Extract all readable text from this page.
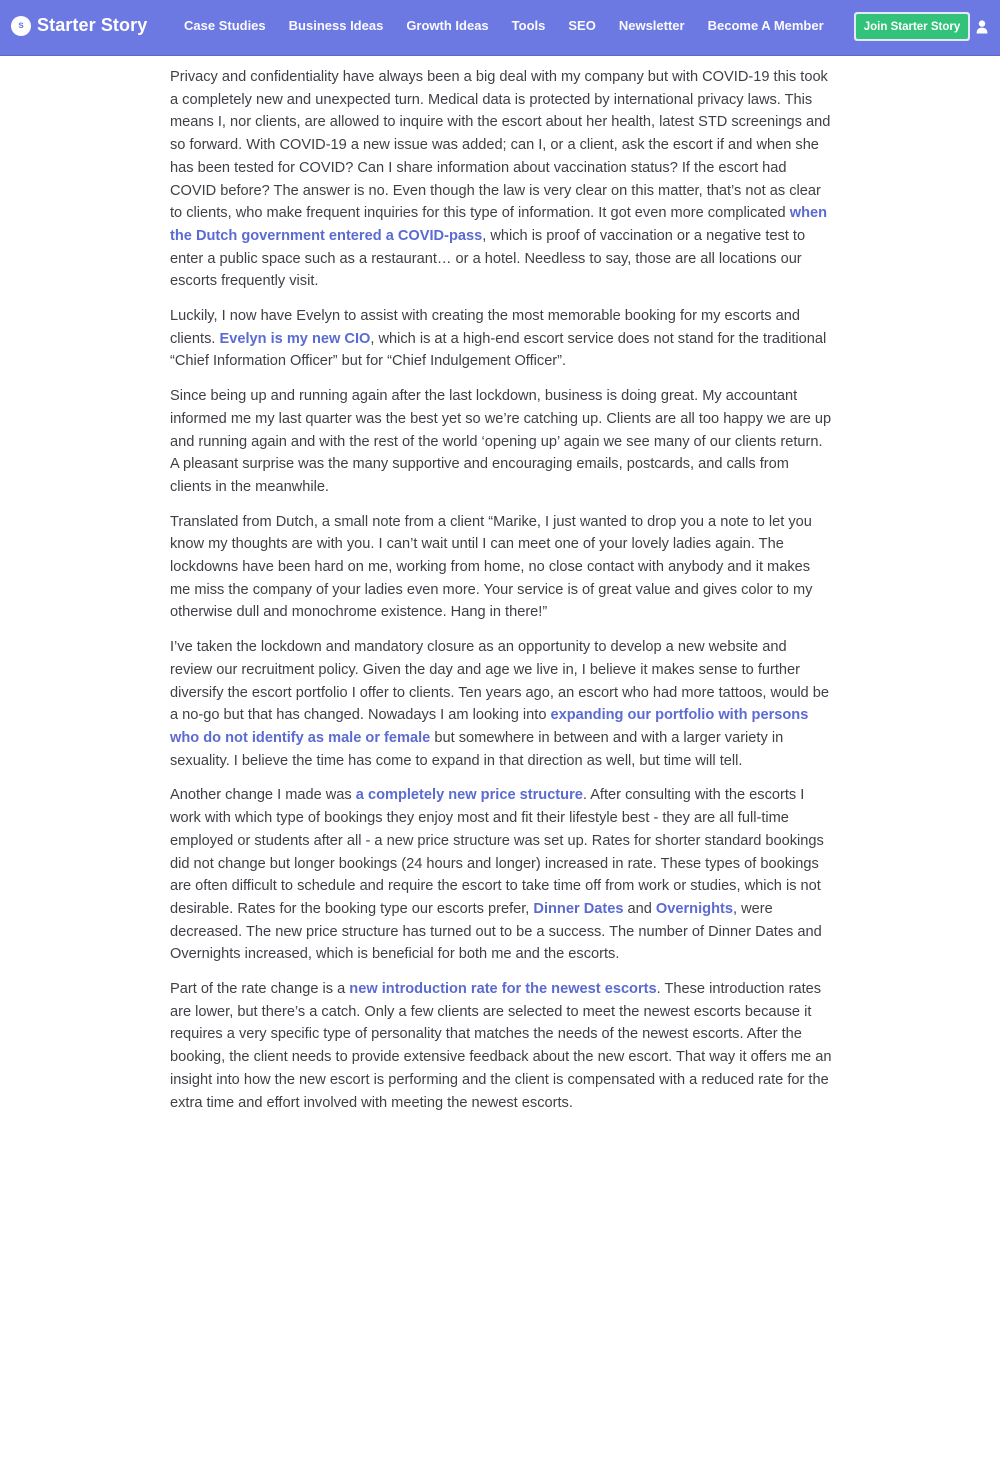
s Starter Story	Case Studies Business Ideas Growth Ideas Tools SEO Newsletter Become A Member	Join Starter Story

Privacy and confidentiality have always been a big deal with my company but with COVID-19 this took a completely new and unexpected turn. Medical data is protected by international privacy laws. This means I, nor clients, are allowed to inquire with the escort about her health, latest STD screenings and so forward. With COVID-19 a new issue was added; can I, or a client, ask the escort if and when she has been tested for COVID? Can I share information about vaccination status? If the escort had COVID before? The answer is no. Even though the law is very clear on this matter, that’s not as clear to clients, who make frequent inquiries for this type of information. It got even more complicated when the Dutch government entered a COVID-pass, which is proof of vaccination or a negative test to enter a public space such as a restaurant… or a hotel. Needless to say, those are all locations our escorts frequently visit.

Luckily, I now have Evelyn to assist with creating the most memorable booking for my escorts and clients. Evelyn is my new CIO, which is at a high-end escort service does not stand for the traditional “Chief Information Officer” but for “Chief Indulgement Officer”.

Since being up and running again after the last lockdown, business is doing great. My accountant informed me my last quarter was the best yet so we’re catching up. Clients are all too happy we are up and running again and with the rest of the world ‘opening up’ again we see many of our clients return. A pleasant surprise was the many supportive and encouraging emails, postcards, and calls from clients in the meanwhile.

Translated from Dutch, a small note from a client “Marike, I just wanted to drop you a note to let you know my thoughts are with you. I can’t wait until I can meet one of your lovely ladies again. The lockdowns have been hard on me, working from home, no close contact with anybody and it makes me miss the company of your ladies even more. Your service is of great value and gives color to my otherwise dull and monochrome existence. Hang in there!”

I’ve taken the lockdown and mandatory closure as an opportunity to develop a new website and review our recruitment policy. Given the day and age we live in, I believe it makes sense to further diversify the escort portfolio I offer to clients. Ten years ago, an escort who had more tattoos, would be a no-go but that has changed. Nowadays I am looking into expanding our portfolio with persons who do not identify as male or female but somewhere in between and with a larger variety in sexuality. I believe the time has come to expand in that direction as well, but time will tell.

Another change I made was a completely new price structure. After consulting with the escorts I work with which type of bookings they enjoy most and fit their lifestyle best - they are all full-time employed or students after all - a new price structure was set up. Rates for shorter standard bookings did not change but longer bookings (24 hours and longer) increased in rate. These types of bookings are often difficult to schedule and require the escort to take time off from work or studies, which is not desirable. Rates for the booking type our escorts prefer, Dinner Dates and Overnights, were decreased. The new price structure has turned out to be a success. The number of Dinner Dates and Overnights increased, which is beneficial for both me and the escorts.

Part of the rate change is a new introduction rate for the newest escorts. These introduction rates are lower, but there’s a catch. Only a few clients are selected to meet the newest escorts because it requires a very specific type of personality that matches the needs of the newest escorts. After the booking, the client needs to provide extensive feedback about the new escort. That way it offers me an insight into how the new escort is performing and the client is compensated with a reduced rate for the extra time and effort involved with meeting the newest escorts.
